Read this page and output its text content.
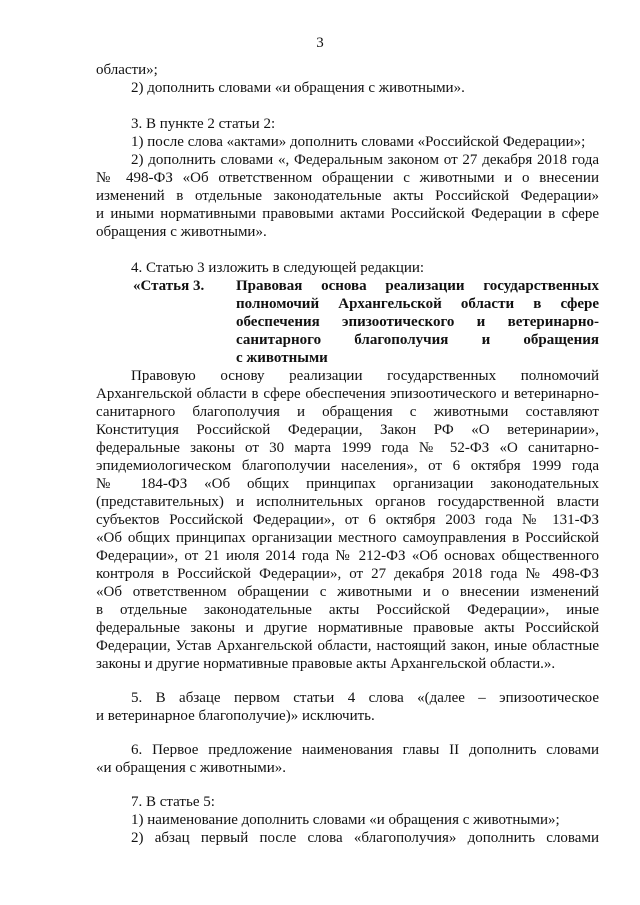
3
области»;
2) дополнить словами «и обращения с животными».
3. В пункте 2 статьи 2:
1) после слова «актами» дополнить словами «Российской Федерации»;
2) дополнить словами «, Федеральным законом от 27 декабря 2018 года
№ 498-ФЗ «Об ответственном обращении с животными и о внесении
изменений в отдельные законодательные акты Российской Федерации»
и иными нормативными правовыми актами Российской Федерации в сфере
обращения с животными».
4. Статью 3 изложить в следующей редакции:
«Статья 3. Правовая основа реализации государственных
полномочий Архангельской области в сфере
обеспечения эпизоотического и ветеринарно-
санитарного благополучия и обращения
с животными
Правовую основу реализации государственных полномочий
Архангельской области в сфере обеспечения эпизоотического и ветеринарно-
санитарного благополучия и обращения с животными составляют
Конституция Российской Федерации, Закон РФ «О ветеринарии»,
федеральные законы от 30 марта 1999 года № 52-ФЗ «О санитарно-
эпидемиологическом благополучии населения», от 6 октября 1999 года
№ 184-ФЗ «Об общих принципах организации законодательных
(представительных) и исполнительных органов государственной власти
субъектов Российской Федерации», от 6 октября 2003 года № 131-ФЗ
«Об общих принципах организации местного самоуправления в Российской
Федерации», от 21 июля 2014 года № 212-ФЗ «Об основах общественного
контроля в Российской Федерации», от 27 декабря 2018 года № 498-ФЗ
«Об ответственном обращении с животными и о внесении изменений
в отдельные законодательные акты Российской Федерации», иные
федеральные законы и другие нормативные правовые акты Российской
Федерации, Устав Архангельской области, настоящий закон, иные областные
законы и другие нормативные правовые акты Архангельской области.».
5. В абзаце первом статьи 4 слова «(далее – эпизоотическое
и ветеринарное благополучие)» исключить.
6. Первое предложение наименования главы II дополнить словами
«и обращения с животными».
7. В статье 5:
1) наименование дополнить словами «и обращения с животными»;
2) абзац первый после слова «благополучия» дополнить словами
